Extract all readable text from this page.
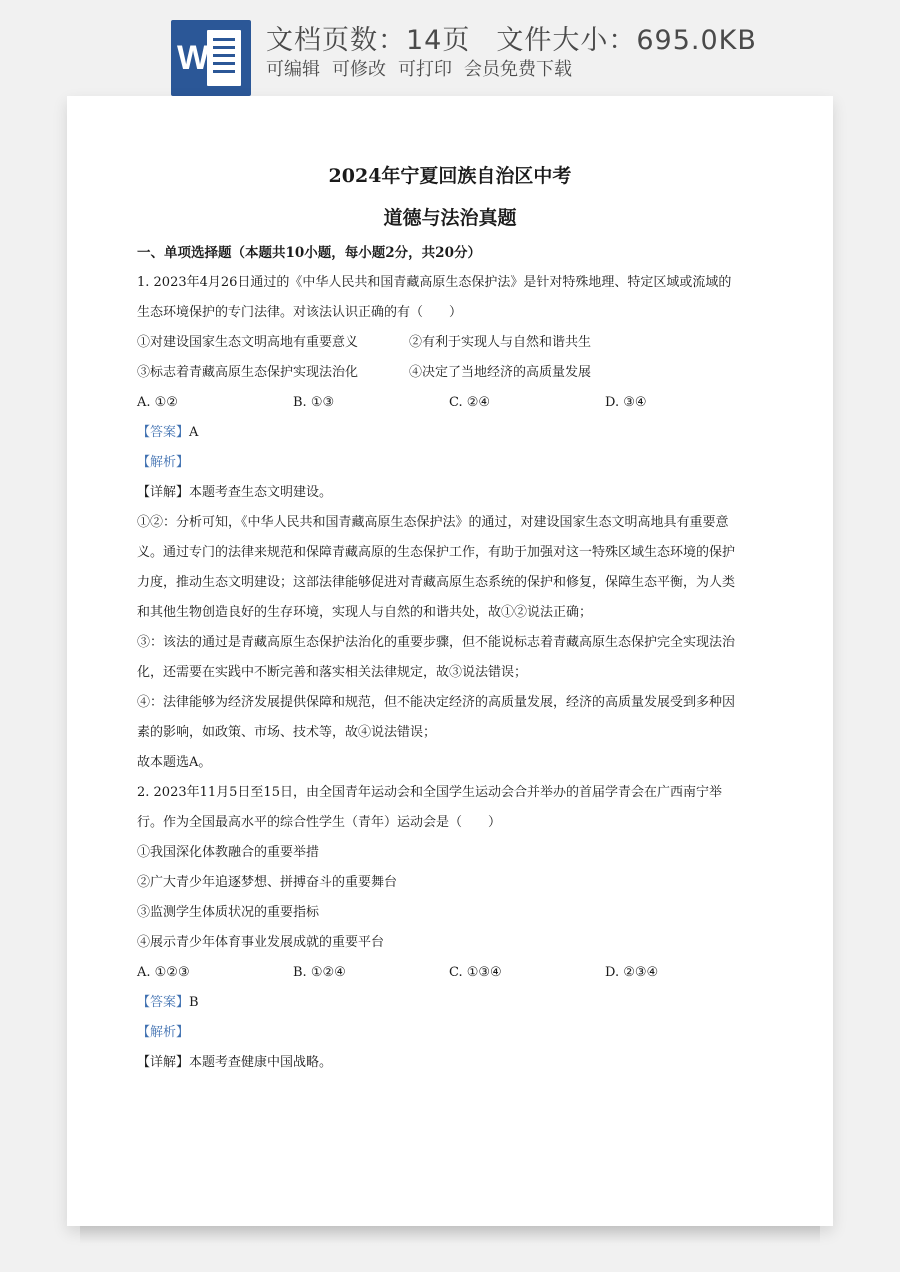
W 文档页数：14页 文件大小：695.0KB
可编辑 可修改 可打印 会员免费下载
2024年宁夏回族自治区中考
道德与法治真题
一、单项选择题（本题共10小题，每小题2分，共20分）
1. 2023年4月26日通过的《中华人民共和国青藏高原生态保护法》是针对特殊地理、特定区域或流域的
生态环境保护的专门法律。对该法认识正确的有（　　）
①对建设国家生态文明高地有重要意义	②有利于实现人与自然和谐共生
③标志着青藏高原生态保护实现法治化	④决定了当地经济的高质量发展
A. ①②	B. ①③	C. ②④	D. ③④
【答案】A
【解析】
【详解】本题考查生态文明建设。
①②：分析可知，《中华人民共和国青藏高原生态保护法》的通过，对建设国家生态文明高地具有重要意
义。通过专门的法律来规范和保障青藏高原的生态保护工作，有助于加强对这一特殊区域生态环境的保护
力度，推动生态文明建设；这部法律能够促进对青藏高原生态系统的保护和修复，保障生态平衡，为人类
和其他生物创造良好的生存环境，实现人与自然的和谐共处，故①②说法正确；
③：该法的通过是青藏高原生态保护法治化的重要步骤，但不能说标志着青藏高原生态保护完全实现法治
化，还需要在实践中不断完善和落实相关法律规定，故③说法错误；
④：法律能够为经济发展提供保障和规范，但不能决定经济的高质量发展，经济的高质量发展受到多种因
素的影响，如政策、市场、技术等，故④说法错误；
故本题选A。
2. 2023年11月5日至15日，由全国青年运动会和全国学生运动会合并举办的首届学青会在广西南宁举
行。作为全国最高水平的综合性学生（青年）运动会是（　　）
①我国深化体教融合的重要举措
②广大青少年追逐梦想、拼搏奋斗的重要舞台
③监测学生体质状况的重要指标
④展示青少年体育事业发展成就的重要平台
A. ①②③	B. ①②④	C. ①③④	D. ②③④
【答案】B
【解析】
【详解】本题考查健康中国战略。
